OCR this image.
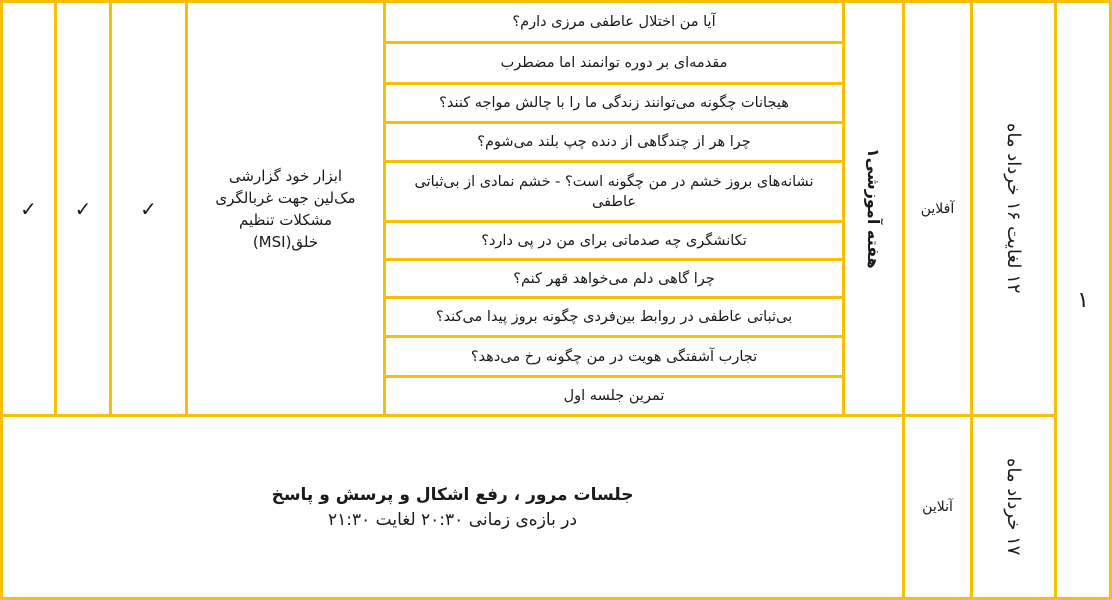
۱
۱۲ لغایت ۱۶ خرداد ماه
۱۷ خرداد ماه
آفلاین
آنلاین
هفته آموزشی۱
آیا من اختلال عاطفی مرزی دارم؟
مقدمه‌ای بر دوره توانمند اما مضطرب
هیجانات چگونه می‌توانند زندگی ما را با چالش مواجه کنند؟
چرا هر از چندگاهی از دنده چپ بلند می‌شوم؟
نشانه‌های بروز خشم در من چگونه است؟ - خشم نمادی از بی‌ثباتی عاطفی
تکانشگری چه صدماتی برای من در پی دارد؟
چرا گاهی دلم می‌خواهد قهر کنم؟
بی‌ثباتی عاطفی در روابط بین‌فردی چگونه بروز پیدا می‌کند؟
تجارب آشفتگی هویت در من چگونه رخ می‌دهد؟
تمرین جلسه اول
ابزار خود گزارشی مک‌لین جهت غربالگری مشکلات تنظیم خلق(MSI)
✓
✓
✓
جلسات مرور ، رفع اشکال و پرسش و پاسخ
در بازه‌ی زمانی ۲۰:۳۰ لغایت ۲۱:۳۰
